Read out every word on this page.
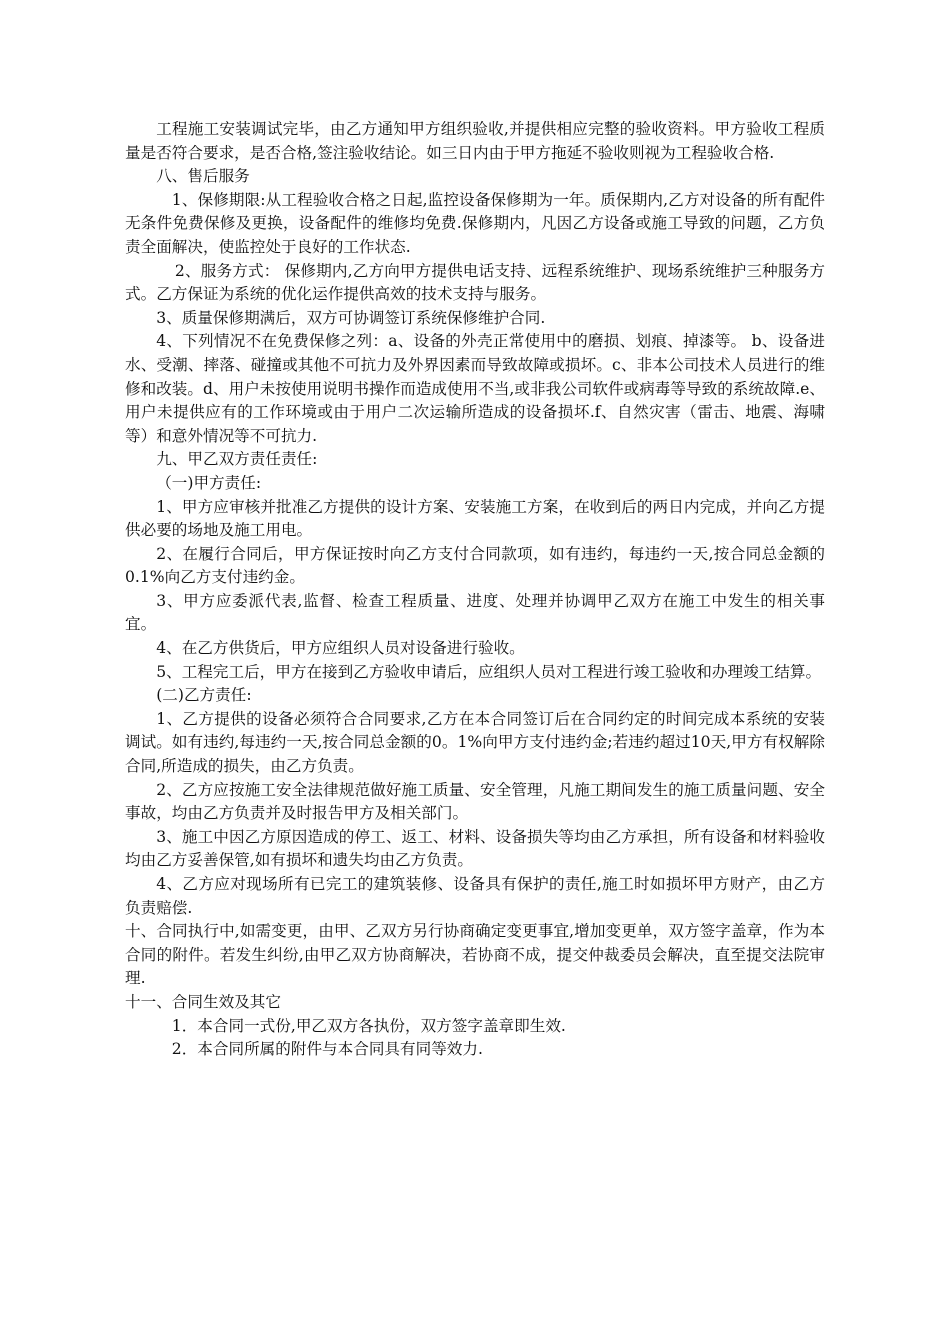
工程施工安装调试完毕，由乙方通知甲方组织验收,并提供相应完整的验收资料。甲方验收工程质量是否符合要求，是否合格,签注验收结论。如三日内由于甲方拖延不验收则视为工程验收合格.

八、售后服务

1、保修期限:从工程验收合格之日起,监控设备保修期为一年。质保期内,乙方对设备的所有配件无条件免费保修及更换，设备配件的维修均免费.保修期内，凡因乙方设备或施工导致的问题，乙方负责全面解决，使监控处于良好的工作状态.

2、服务方式： 保修期内,乙方向甲方提供电话支持、远程系统维护、现场系统维护三种服务方式。乙方保证为系统的优化运作提供高效的技术支持与服务。

3、质量保修期满后，双方可协调签订系统保修维护合同.

4、下列情况不在免费保修之列：a、设备的外壳正常使用中的磨损、划痕、掉漆等。 b、设备进水、受潮、摔落、碰撞或其他不可抗力及外界因素而导致故障或损坏。c、非本公司技术人员进行的维修和改装。d、用户未按使用说明书操作而造成使用不当,或非我公司软件或病毒等导致的系统故障.e、用户未提供应有的工作环境或由于用户二次运输所造成的设备损坏.f、自然灾害（雷击、地震、海啸等）和意外情况等不可抗力.

九、甲乙双方责任责任:

（一)甲方责任:

1、甲方应审核并批准乙方提供的设计方案、安装施工方案，在收到后的两日内完成，并向乙方提供必要的场地及施工用电。

2、在履行合同后，甲方保证按时向乙方支付合同款项，如有违约，每违约一天,按合同总金额的0.1%向乙方支付违约金。

3、甲方应委派代表,监督、检查工程质量、进度、处理并协调甲乙双方在施工中发生的相关事宜。

4、在乙方供货后，甲方应组织人员对设备进行验收。

5、工程完工后，甲方在接到乙方验收申请后，应组织人员对工程进行竣工验收和办理竣工结算。

(二)乙方责任:

1、乙方提供的设备必须符合合同要求,乙方在本合同签订后在合同约定的时间完成本系统的安装调试。如有违约,每违约一天,按合同总金额的0。1%向甲方支付违约金;若违约超过10天,甲方有权解除合同,所造成的损失，由乙方负责。

2、乙方应按施工安全法律规范做好施工质量、安全管理，凡施工期间发生的施工质量问题、安全事故，均由乙方负责并及时报告甲方及相关部门。

3、施工中因乙方原因造成的停工、返工、材料、设备损失等均由乙方承担，所有设备和材料验收均由乙方妥善保管,如有损坏和遗失均由乙方负责。

4、乙方应对现场所有已完工的建筑装修、设备具有保护的责任,施工时如损坏甲方财产，由乙方负责赔偿.

十、合同执行中,如需变更，由甲、乙双方另行协商确定变更事宜,增加变更单，双方签字盖章，作为本合同的附件。若发生纠纷,由甲乙双方协商解决，若协商不成，提交仲裁委员会解决，直至提交法院审理.

十一、合同生效及其它

1．本合同一式份,甲乙双方各执份，双方签字盖章即生效.

2．本合同所属的附件与本合同具有同等效力.
